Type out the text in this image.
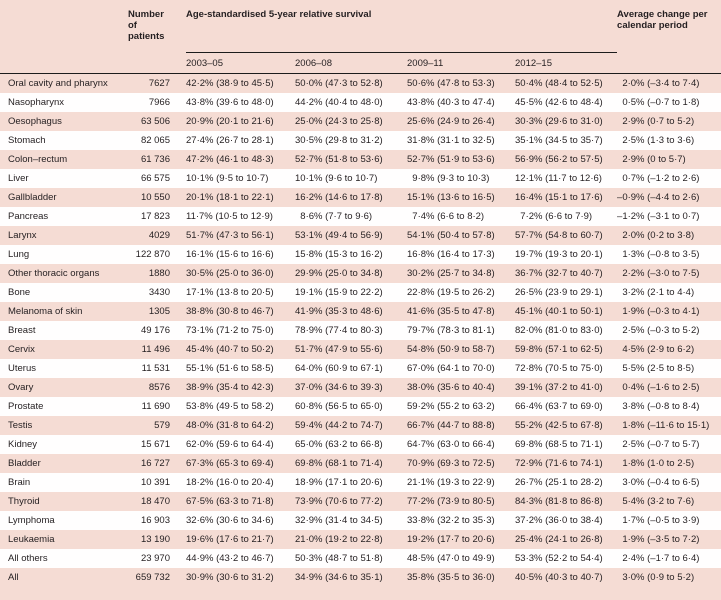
	Number of patients	Age-standardised 5-year relative survival				Average change per calendar period
		2003–05	2006–08	2009–11	2012–15	
Oral cavity and pharynx	7627	42·2% (38·9 to 45·5)	50·0% (47·3 to 52·8)	50·6% (47·8 to 53·3)	50·4% (48·4 to 52·5)	 2·0% (–3·4 to 7·4)
Nasopharynx	7966	43·8% (39·6 to 48·0)	44·2% (40·4 to 48·0)	43·8% (40·3 to 47·4)	45·5% (42·6 to 48·4)	 0·5% (–0·7 to 1·8)
Oesophagus	63 506	20·9% (20·1 to 21·6)	25·0% (24·3 to 25·8)	25·6% (24·9 to 26·4)	30·3% (29·6 to 31·0)	 2·9% (0·7 to 5·2)
Stomach	82 065	27·4% (26·7 to 28·1)	30·5% (29·8 to 31·2)	31·8% (31·1 to 32·5)	35·1% (34·5 to 35·7)	 2·5% (1·3 to 3·6)
Colon–rectum	61 736	47·2% (46·1 to 48·3)	52·7% (51·8 to 53·6)	52·7% (51·9 to 53·6)	56·9% (56·2 to 57·5)	 2·9% (0 to 5·7)
Liver	66 575	10·1% (9·5 to 10·7)	10·1% (9·6 to 10·7)	 9·8% (9·3 to 10·3)	12·1% (11·7 to 12·6)	 0·7% (–1·2 to 2·6)
Gallbladder	10 550	20·1% (18·1 to 22·1)	16·2% (14·6 to 17·8)	15·1% (13·6 to 16·5)	16·4% (15·1 to 17·6)	–0·9% (–4·4 to 2·6)
Pancreas	17 823	11·7% (10·5 to 12·9)	 8·6% (7·7 to 9·6)	 7·4% (6·6 to 8·2)	 7·2% (6·6 to 7·9)	–1·2% (–3·1 to 0·7)
Larynx	4029	51·7% (47·3 to 56·1)	53·1% (49·4 to 56·9)	54·1% (50·4 to 57·8)	57·7% (54·8 to 60·7)	 2·0% (0·2 to 3·8)
Lung	122 870	16·1% (15·6 to 16·6)	15·8% (15·3 to 16·2)	16·8% (16·4 to 17·3)	19·7% (19·3 to 20·1)	 1·3% (–0·8 to 3·5)
Other thoracic organs	1880	30·5% (25·0 to 36·0)	29·9% (25·0 to 34·8)	30·2% (25·7 to 34·8)	36·7% (32·7 to 40·7)	 2·2% (–3·0 to 7·5)
Bone	3430	17·1% (13·8 to 20·5)	19·1% (15·9 to 22·2)	22·8% (19·5 to 26·2)	26·5% (23·9 to 29·1)	 3·2% (2·1 to 4·4)
Melanoma of skin	1305	38·8% (30·8 to 46·7)	41·9% (35·3 to 48·6)	41·6% (35·5 to 47·8)	45·1% (40·1 to 50·1)	 1·9% (–0·3 to 4·1)
Breast	49 176	73·1% (71·2 to 75·0)	78·9% (77·4 to 80·3)	79·7% (78·3 to 81·1)	82·0% (81·0 to 83·0)	 2·5% (–0·3 to 5·2)
Cervix	11 496	45·4% (40·7 to 50·2)	51·7% (47·9 to 55·6)	54·8% (50·9 to 58·7)	59·8% (57·1 to 62·5)	 4·5% (2·9 to 6·2)
Uterus	11 531	55·1% (51·6 to 58·5)	64·0% (60·9 to 67·1)	67·0% (64·1 to 70·0)	72·8% (70·5 to 75·0)	 5·5% (2·5 to 8·5)
Ovary	8576	38·9% (35·4 to 42·3)	37·0% (34·6 to 39·3)	38·0% (35·6 to 40·4)	39·1% (37·2 to 41·0)	 0·4% (–1·6 to 2·5)
Prostate	11 690	53·8% (49·5 to 58·2)	60·8% (56·5 to 65·0)	59·2% (55·2 to 63·2)	66·4% (63·7 to 69·0)	 3·8% (–0·8 to 8·4)
Testis	579	48·0% (31·8 to 64·2)	59·4% (44·2 to 74·7)	66·7% (44·7 to 88·8)	55·2% (42·5 to 67·8)	 1·8% (–11·6 to 15·1)
Kidney	15 671	62·0% (59·6 to 64·4)	65·0% (63·2 to 66·8)	64·7% (63·0 to 66·4)	69·8% (68·5 to 71·1)	 2·5% (–0·7 to 5·7)
Bladder	16 727	67·3% (65·3 to 69·4)	69·8% (68·1 to 71·4)	70·9% (69·3 to 72·5)	72·9% (71·6 to 74·1)	 1·8% (1·0 to 2·5)
Brain	10 391	18·2% (16·0 to 20·4)	18·9% (17·1 to 20·6)	21·1% (19·3 to 22·9)	26·7% (25·1 to 28·2)	 3·0% (–0·4 to 6·5)
Thyroid	18 470	67·5% (63·3 to 71·8)	73·9% (70·6 to 77·2)	77·2% (73·9 to 80·5)	84·3% (81·8 to 86·8)	 5·4% (3·2 to 7·6)
Lymphoma	16 903	32·6% (30·6 to 34·6)	32·9% (31·4 to 34·5)	33·8% (32·2 to 35·3)	37·2% (36·0 to 38·4)	 1·7% (–0·5 to 3·9)
Leukaemia	13 190	19·6% (17·6 to 21·7)	21·0% (19·2 to 22·8)	19·2% (17·7 to 20·6)	25·4% (24·1 to 26·8)	 1·9% (–3·5 to 7·2)
All others	23 970	44·9% (43·2 to 46·7)	50·3% (48·7 to 51·8)	48·5% (47·0 to 49·9)	53·3% (52·2 to 54·4)	 2·4% (–1·7 to 6·4)
All	659 732	30·9% (30·6 to 31·2)	34·9% (34·6 to 35·1)	35·8% (35·5 to 36·0)	40·5% (40·3 to 40·7)	 3·0% (0·9 to 5·2)
